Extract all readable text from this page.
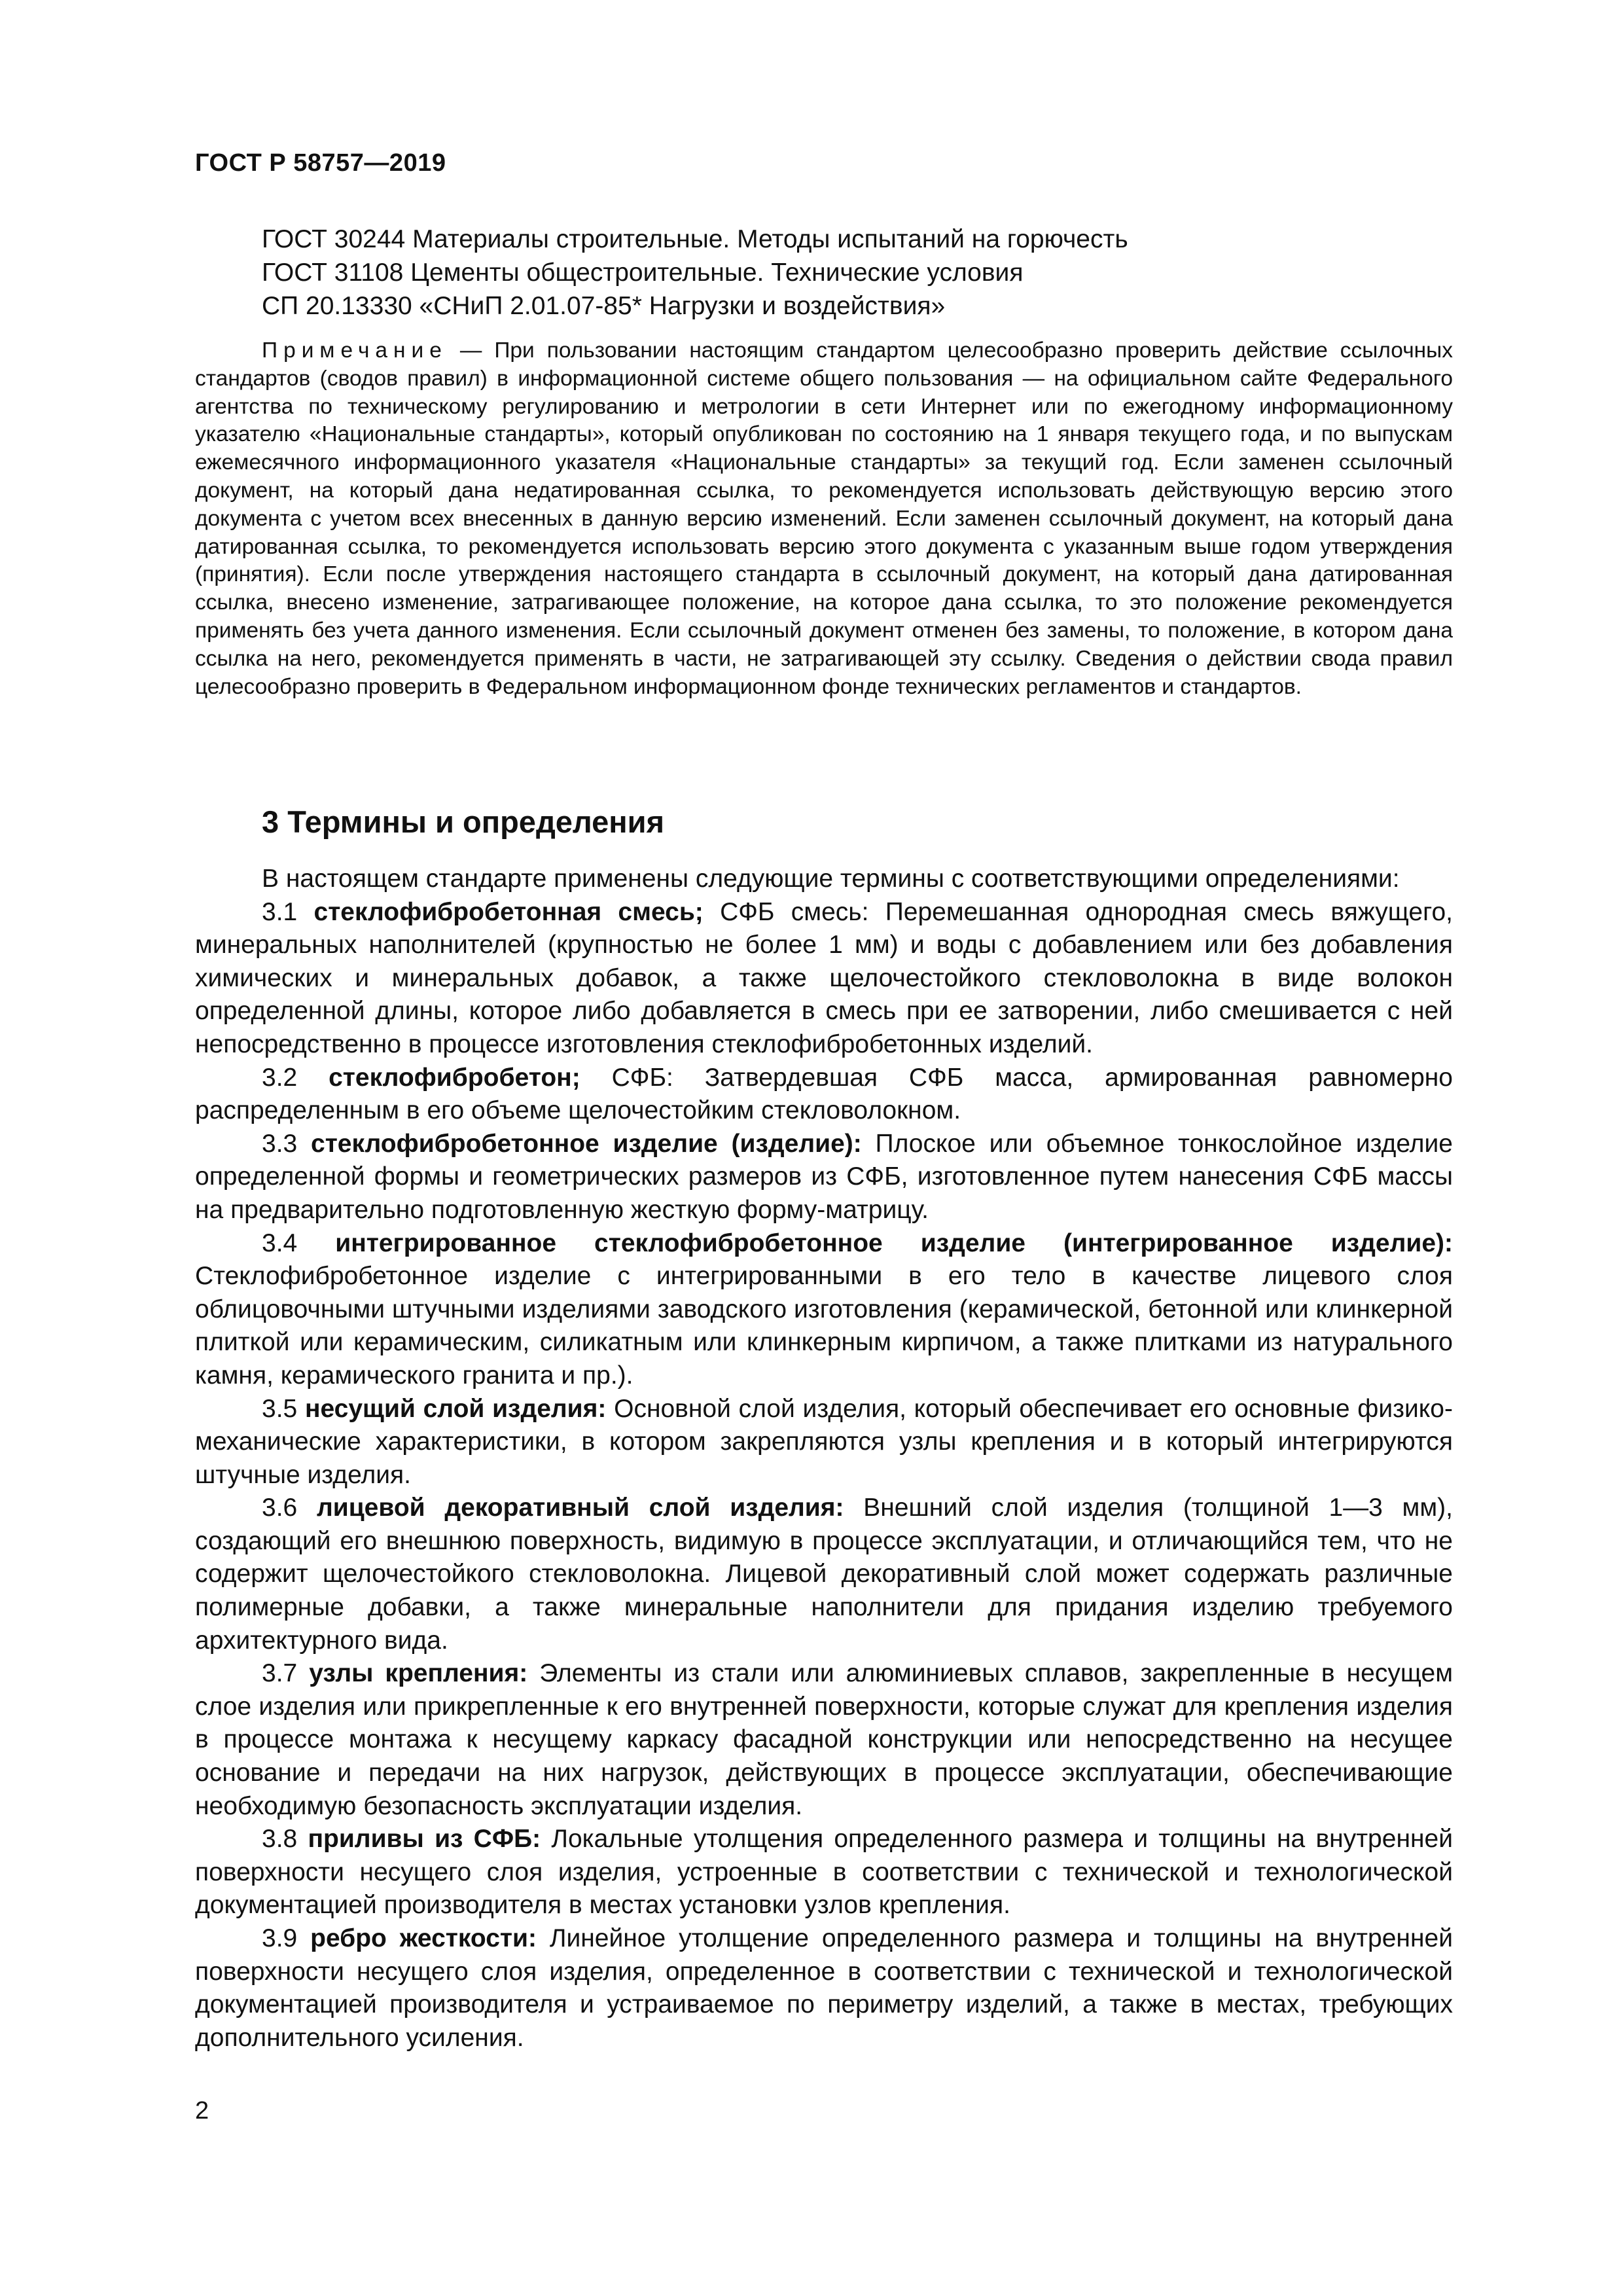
ГОСТ Р 58757—2019
ГОСТ 30244 Материалы строительные. Методы испытаний на горючесть
ГОСТ 31108 Цементы общестроительные. Технические условия
СП 20.13330 «СНиП 2.01.07-85* Нагрузки и воздействия»
Примечание — При пользовании настоящим стандартом целесообразно проверить действие ссылочных стандартов (сводов правил) в информационной системе общего пользования — на официальном сайте Федерального агентства по техническому регулированию и метрологии в сети Интернет или по ежегодному информационному указателю «Национальные стандарты», который опубликован по состоянию на 1 января текущего года, и по выпускам ежемесячного информационного указателя «Национальные стандарты» за текущий год. Если заменен ссылочный документ, на который дана недатированная ссылка, то рекомендуется использовать действующую версию этого документа с учетом всех внесенных в данную версию изменений. Если заменен ссылочный документ, на который дана датированная ссылка, то рекомендуется использовать версию этого документа с указанным выше годом утверждения (принятия). Если после утверждения настоящего стандарта в ссылочный документ, на который дана датированная ссылка, внесено изменение, затрагивающее положение, на которое дана ссылка, то это положение рекомендуется применять без учета данного изменения. Если ссылочный документ отменен без замены, то положение, в котором дана ссылка на него, рекомендуется применять в части, не затрагивающей эту ссылку. Сведения о действии свода правил целесообразно проверить в Федеральном информационном фонде технических регламентов и стандартов.
3 Термины и определения

В настоящем стандарте применены следующие термины с соответствующими определениями:

3.1 стеклофибробетонная смесь; СФБ смесь: Перемешанная однородная смесь вяжущего, минеральных наполнителей (крупностью не более 1 мм) и воды с добавлением или без добавления химических и минеральных добавок, а также щелочестойкого стекловолокна в виде волокон определенной длины, которое либо добавляется в смесь при ее затворении, либо смешивается с ней непосредственно в процессе изготовления стеклофибробетонных изделий.

3.2 стеклофибробетон; СФБ: Затвердевшая СФБ масса, армированная равномерно распределенным в его объеме щелочестойким стекловолокном.

3.3 стеклофибробетонное изделие (изделие): Плоское или объемное тонкослойное изделие определенной формы и геометрических размеров из СФБ, изготовленное путем нанесения СФБ массы на предварительно подготовленную жесткую форму-матрицу.

3.4 интегрированное стеклофибробетонное изделие (интегрированное изделие): Стеклофибробетонное изделие с интегрированными в его тело в качестве лицевого слоя облицовочными штучными изделиями заводского изготовления (керамической, бетонной или клинкерной плиткой или керамическим, силикатным или клинкерным кирпичом, а также плитками из натурального камня, керамического гранита и пр.).

3.5 несущий слой изделия: Основной слой изделия, который обеспечивает его основные физико-механические характеристики, в котором закрепляются узлы крепления и в который интегрируются штучные изделия.

3.6 лицевой декоративный слой изделия: Внешний слой изделия (толщиной 1—3 мм), создающий его внешнюю поверхность, видимую в процессе эксплуатации, и отличающийся тем, что не содержит щелочестойкого стекловолокна. Лицевой декоративный слой может содержать различные полимерные добавки, а также минеральные наполнители для придания изделию требуемого архитектурного вида.

3.7 узлы крепления: Элементы из стали или алюминиевых сплавов, закрепленные в несущем слое изделия или прикрепленные к его внутренней поверхности, которые служат для крепления изделия в процессе монтажа к несущему каркасу фасадной конструкции или непосредственно на несущее основание и передачи на них нагрузок, действующих в процессе эксплуатации, обеспечивающие необходимую безопасность эксплуатации изделия.

3.8 приливы из СФБ: Локальные утолщения определенного размера и толщины на внутренней поверхности несущего слоя изделия, устроенные в соответствии с технической и технологической документацией производителя в местах установки узлов крепления.

3.9 ребро жесткости: Линейное утолщение определенного размера и толщины на внутренней поверхности несущего слоя изделия, определенное в соответствии с технической и технологической документацией производителя и устраиваемое по периметру изделий, а также в местах, требующих дополнительного усиления.

2
